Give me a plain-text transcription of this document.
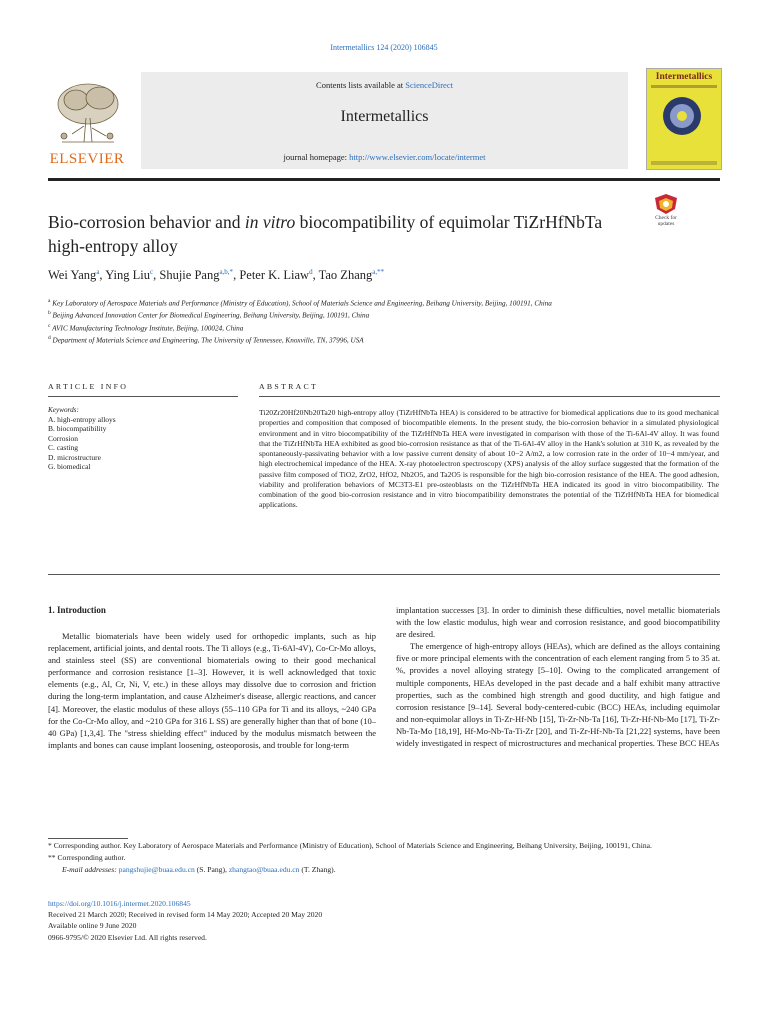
Intermetallics 124 (2020) 106845
ELSEVIER
Contents lists available at ScienceDirect
Intermetallics
journal homepage: http://www.elsevier.com/locate/intermet
Intermetallics
Check for updates
Bio-corrosion behavior and in vitro biocompatibility of equimolar TiZrHfNbTa high-entropy alloy
Wei Yang$^a$, Ying Liu$^c$, Shujie Pang$^{a,b,*}$, Peter K. Liaw$^d$, Tao Zhang$^{a,**}$

$^a$ Key Laboratory of Aerospace Materials and Performance (Ministry of Education), School of Materials Science and Engineering, Beihang University, Beijing, 100191, China

$^b$ Beijing Advanced Innovation Center for Biomedical Engineering, Beihang University, Beijing, 100191, China

$^c$ AVIC Manufacturing Technology Institute, Beijing, 100024, China

$^d$ Department of Materials Science and Engineering, The University of Tennessee, Knoxville, TN, 37996, USA

ARTICLE INFO	ABSTRACT
Keywords:
A. high-entropy alloys
B. biocompatibility
Corrosion
C. casting
D. microstructure
G. biomedical
Ti20Zr20Hf20Nb20Ta20 high-entropy alloy (TiZrHfNbTa HEA) is considered to be attractive for biomedical applications due to its good mechanical properties and composition that composed of biocompatible elements. In the present study, the bio-corrosion behavior in a simulated physiological environment and in vitro biocompatibility of the TiZrHfNbTa HEA were investigated in comparison with those of the Ti-6Al-4V alloy. It was found that the TiZrHfNbTa HEA exhibited as good bio-corrosion resistance as that of the Ti-6Al-4V alloy in the Hank's solution at 310 K, as revealed by the spontaneously-passivating behavior with a low passive current density of about 10−2 A/m2, a low corrosion rate in the order of 10−4 mm/year, and high electrochemical impedance of the HEA. X-ray photoelectron spectroscopy (XPS) analysis of the alloy surface suggested that the formation of the passive film composed of TiO2, ZrO2, HfO2, Nb2O5, and Ta2O5 is responsible for the high bio-corrosion resistance of the HEA. The good adhesion, viability and proliferation behaviors of MC3T3-E1 pre-osteoblasts on the TiZrHfNbTa HEA indicated its good in vitro biocompatibility. The combination of the good bio-corrosion resistance and in vitro biocompatibility demonstrates the potential of the TiZrHfNbTa HEA for biomedical applications.
1. Introduction

Metallic biomaterials have been widely used for orthopedic implants, such as hip replacement, artificial joints, and dental roots. The Ti alloys (e.g., Ti-6Al-4V), Co-Cr-Mo alloys, and stainless steel (SS) are conventional biomaterials owing to their good mechanical performance and corrosion resistance [1–3]. However, it is well acknowledged that toxic elements (e.g., Al, Cr, Ni, V, etc.) in these alloys may dissolve due to corrosion and friction during the long-term implantation, and cause Alzheimer's disease, allergic reactions, and cancer [4]. Moreover, the elastic modulus of these alloys (55–110 GPa for Ti and its alloys, ~240 GPa for the Co-Cr-Mo alloy, and ~210 GPa for 316 L SS) are generally higher than that of bone (10–40 GPa) [1,3,4]. The "stress shielding effect" induced by the modulus mismatch between the implants and bones can cause implant loosening, osteoporosis, and trouble for long-term

implantation successes [3]. In order to diminish these difficulties, novel metallic biomaterials with the low elastic modulus, high wear and corrosion resistance, and good biocompatibility are desired.

The emergence of high-entropy alloys (HEAs), which are defined as the alloys containing five or more principal elements with the concentration of each element ranging from 5 to 35 at. %, provides a novel alloying strategy [5–10]. Owing to the complicated arrangement of multiple components, HEAs developed in the past decade and a half exhibit many attractive properties, such as the combined high strength and good ductility, and high fatigue and corrosion resistance [9–14]. Several body-centered-cubic (BCC) HEAs, including equimolar and non-equimolar alloys in Ti-Zr-Hf-Nb [15], Ti-Zr-Nb-Ta [16], Ti-Zr-Hf-Nb-Mo [17], Ti-Zr-Nb-Ta-Mo [18,19], Hf-Mo-Nb-Ta-Ti-Zr [20], and Ti-Zr-Hf-Nb-Ta [21,22] systems, have been widely investigated in respect of microstructures and mechanical properties. These BCC HEAs

* Corresponding author. Key Laboratory of Aerospace Materials and Performance (Ministry of Education), School of Materials Science and Engineering, Beihang University, Beijing, 100191, China.

** Corresponding author.

E-mail addresses: pangshujie@buaa.edu.cn (S. Pang), zhangtao@buaa.edu.cn (T. Zhang).

https://doi.org/10.1016/j.intermet.2020.106845

Received 21 March 2020; Received in revised form 14 May 2020; Accepted 20 May 2020

Available online 9 June 2020

0966-9795/© 2020 Elsevier Ltd. All rights reserved.
